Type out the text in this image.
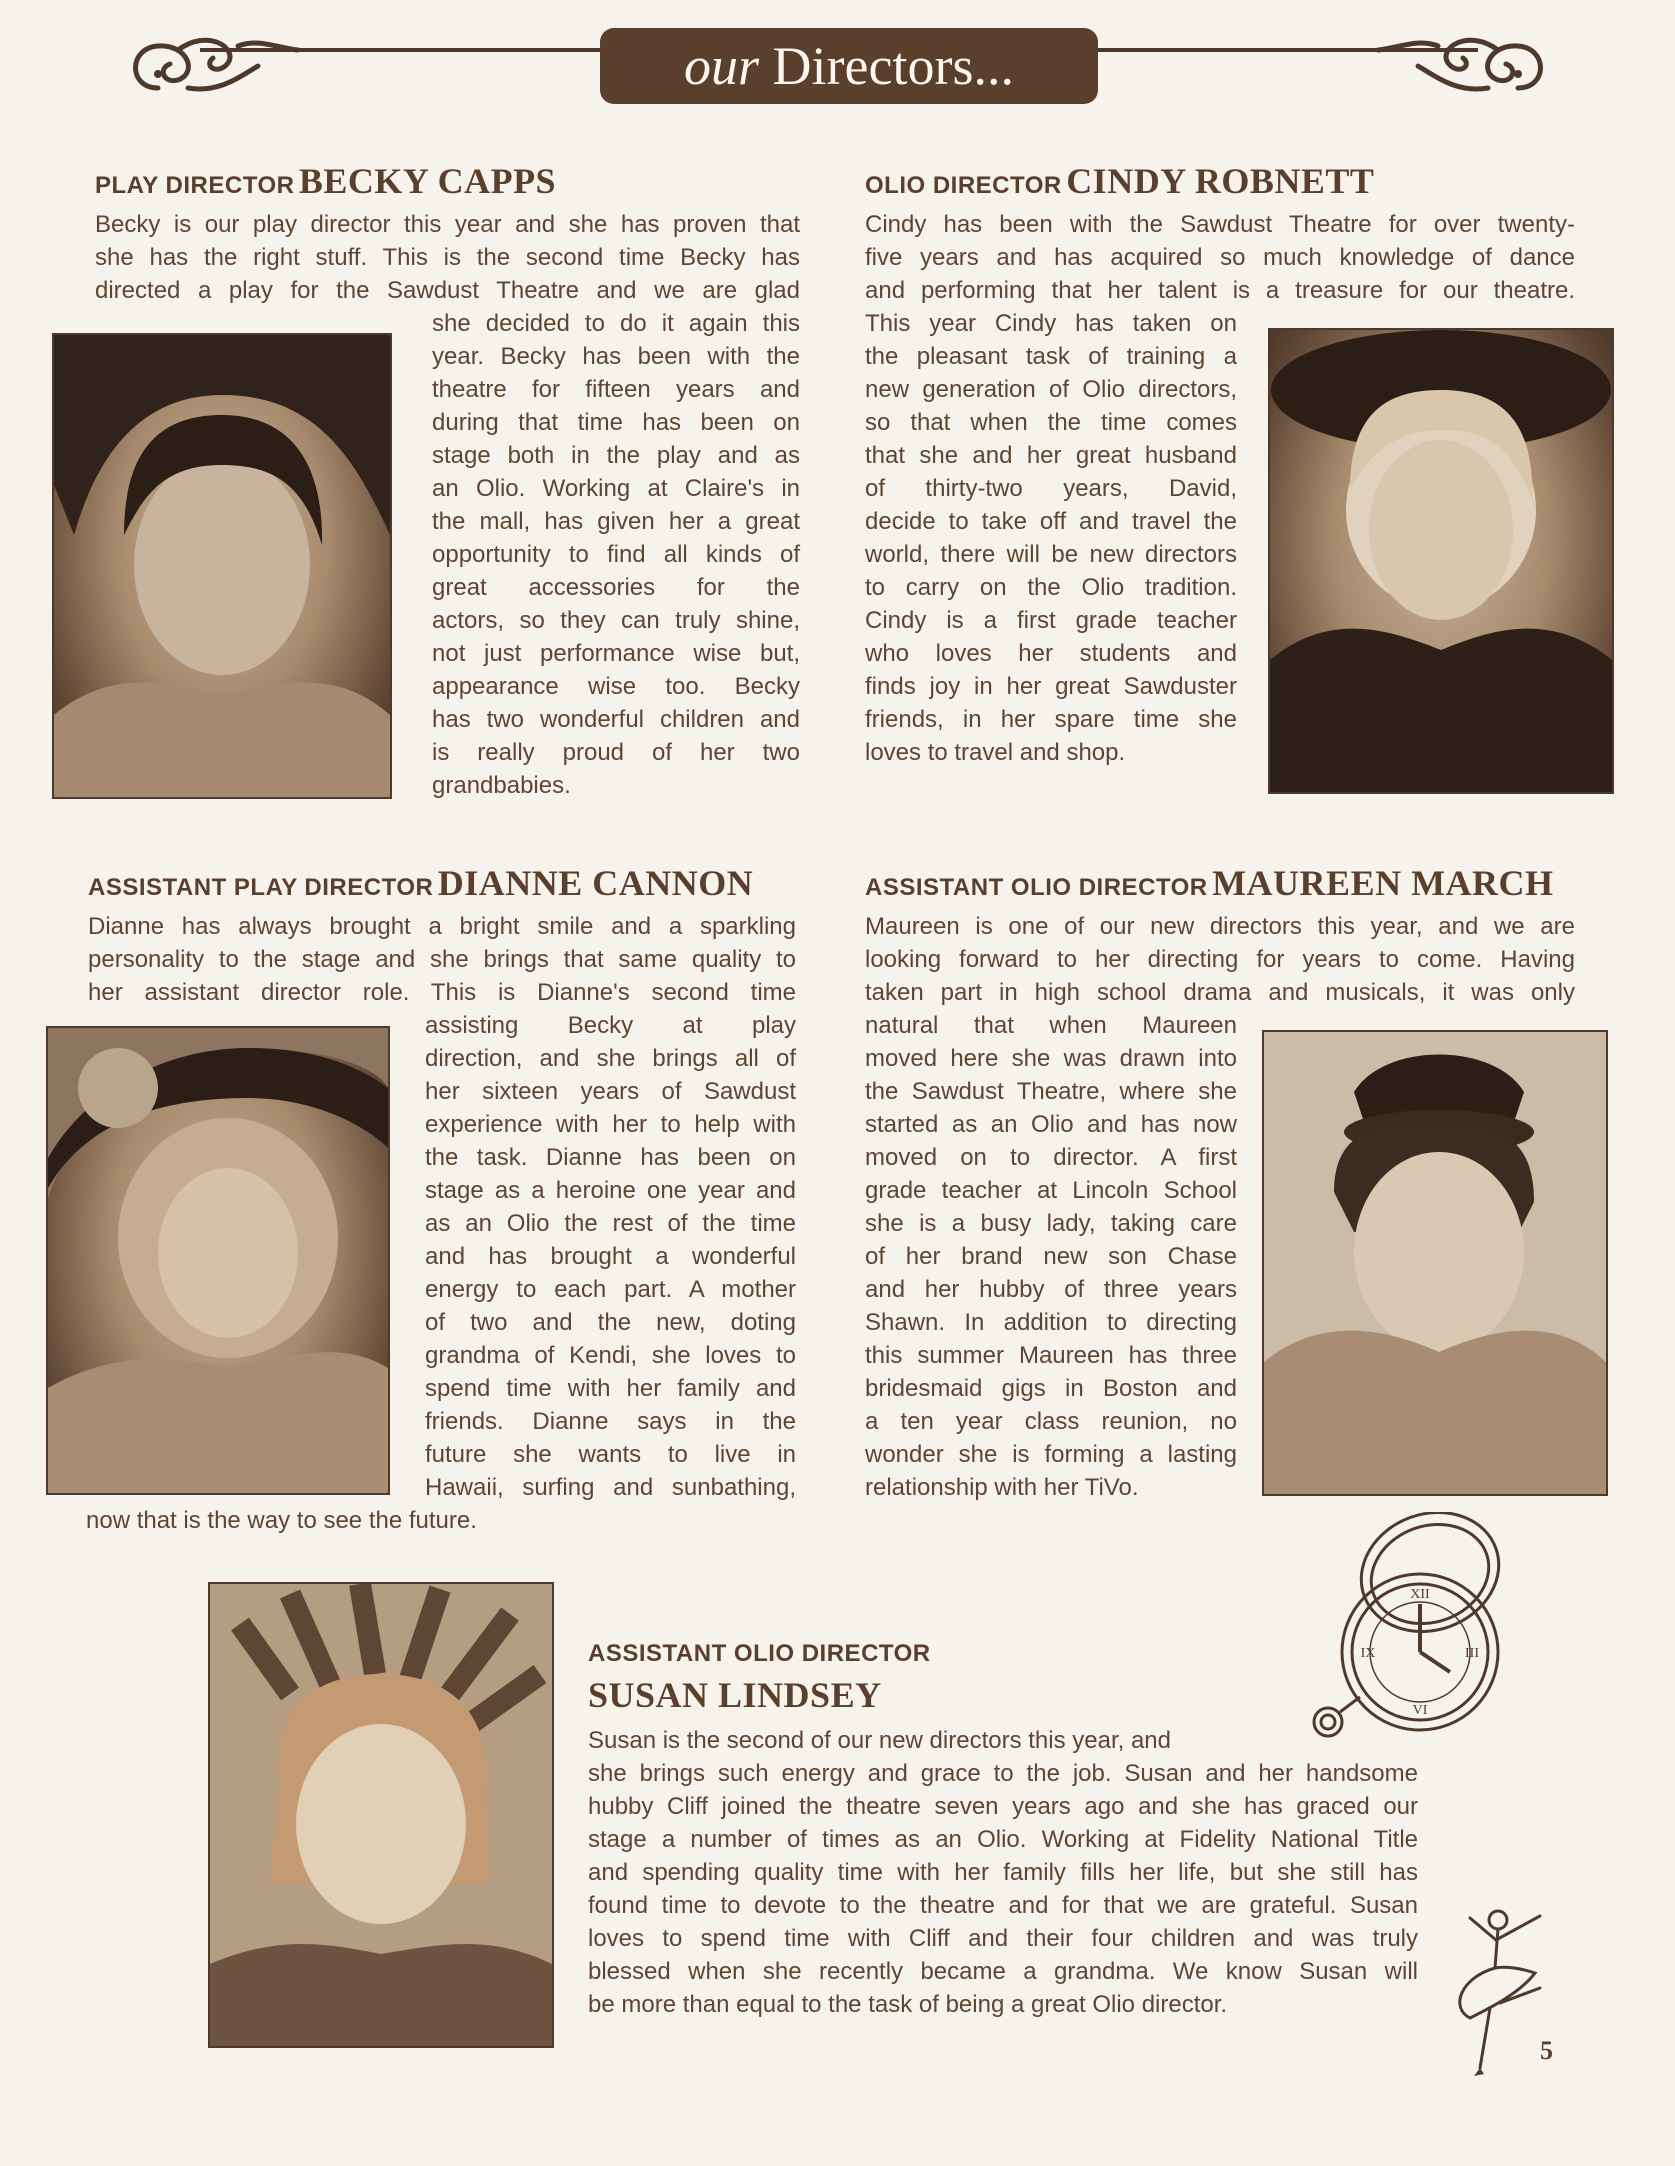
our Directors...
PLAY DIRECTOR BECKY CAPPS
Becky is our play director this year and she has proven that
she has the right stuff. This is the second time Becky has
directed a play for the Sawdust Theatre and we are glad
she decided to do it again this
year. Becky has been with the
theatre for fifteen years and
during that time has been on
stage both in the play and as
an Olio. Working at Claire's in
the mall, has given her a great
opportunity to find all kinds of
great accessories for the
actors, so they can truly shine,
not just performance wise but,
appearance wise too. Becky
has two wonderful children and
is really proud of her two
grandbabies.
OLIO DIRECTOR CINDY ROBNETT
Cindy has been with the Sawdust Theatre for over twenty-
five years and has acquired so much knowledge of dance
and performing that her talent is a treasure for our theatre.
This year Cindy has taken on
the pleasant task of training a
new generation of Olio directors,
so that when the time comes
that she and her great husband
of thirty-two years, David,
decide to take off and travel the
world, there will be new directors
to carry on the Olio tradition.
Cindy is a first grade teacher
who loves her students and
finds joy in her great Sawduster
friends, in her spare time she
loves to travel and shop.
ASSISTANT PLAY DIRECTOR DIANNE CANNON
Dianne has always brought a bright smile and a sparkling
personality to the stage and she brings that same quality to
her assistant director role. This is Dianne's second time
assisting Becky at play
direction, and she brings all of
her sixteen years of Sawdust
experience with her to help with
the task. Dianne has been on
stage as a heroine one year and
as an Olio the rest of the time
and has brought a wonderful
energy to each part. A mother
of two and the new, doting
grandma of Kendi, she loves to
spend time with her family and
friends. Dianne says in the
future she wants to live in
Hawaii, surfing and sunbathing,
now that is the way to see the future.
ASSISTANT OLIO DIRECTOR MAUREEN MARCH
Maureen is one of our new directors this year, and we are
looking forward to her directing for years to come. Having
taken part in high school drama and musicals, it was only
natural that when Maureen
moved here she was drawn into
the Sawdust Theatre, where she
started as an Olio and has now
moved on to director. A first
grade teacher at Lincoln School
she is a busy lady, taking care
of her brand new son Chase
and her hubby of three years
Shawn. In addition to directing
this summer Maureen has three
bridesmaid gigs in Boston and
a ten year class reunion, no
wonder she is forming a lasting
relationship with her TiVo.
ASSISTANT OLIO DIRECTOR
SUSAN LINDSEY
Susan is the second of our new directors this year, and
she brings such energy and grace to the job. Susan and her handsome
hubby Cliff joined the theatre seven years ago and she has graced our
stage a number of times as an Olio. Working at Fidelity National Title
and spending quality time with her family fills her life, but she still has
found time to devote to the theatre and for that we are grateful. Susan
loves to spend time with Cliff and their four children and was truly
blessed when she recently became a grandma. We know Susan will
be more than equal to the task of being a great Olio director.
XII
III
VI
IX
5
